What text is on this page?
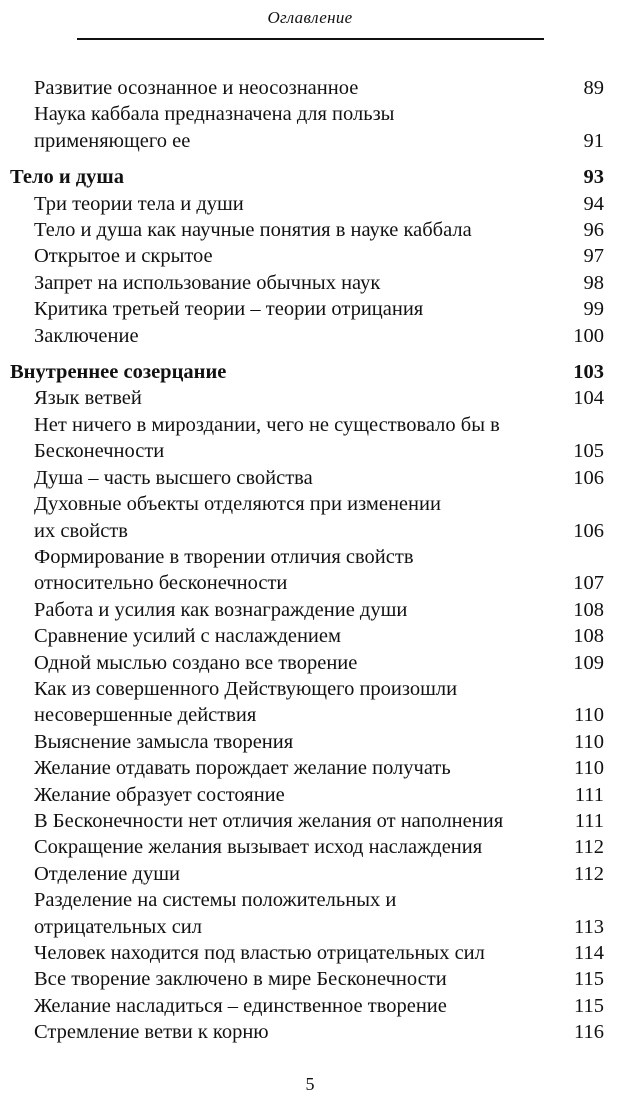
Оглавление
Развитие осознанное и неосознанное	89
Наука каббала предназначена для пользы
применяющего ее	91
Тело и душа	93
Три теории тела и души	94
Тело и душа как научные понятия в науке каббала	96
Открытое и скрытое	97
Запрет на использование обычных наук	98
Критика третьей теории – теории отрицания	99
Заключение	100
Внутреннее созерцание	103
Язык ветвей	104
Нет ничего в мироздании, чего не существовало бы в
Бесконечности	105
Душа – часть высшего свойства	106
Духовные объекты отделяются при изменении
их свойств	106
Формирование в творении отличия свойств
относительно бесконечности	107
Работа и усилия как вознаграждение души	108
Сравнение усилий с наслаждением	108
Одной мыслью создано все творение	109
Как из совершенного Действующего произошли
несовершенные действия	110
Выяснение замысла творения	110
Желание отдавать порождает желание получать	110
Желание образует состояние	111
В Бесконечности нет отличия желания от наполнения	111
Сокращение желания вызывает исход наслаждения	112
Отделение души	112
Разделение на системы положительных и
отрицательных сил	113
Человек находится под властью отрицательных сил	114
Все творение заключено в мире Бесконечности	115
Желание насладиться – единственное творение	115
Стремление ветви к корню	116
5
